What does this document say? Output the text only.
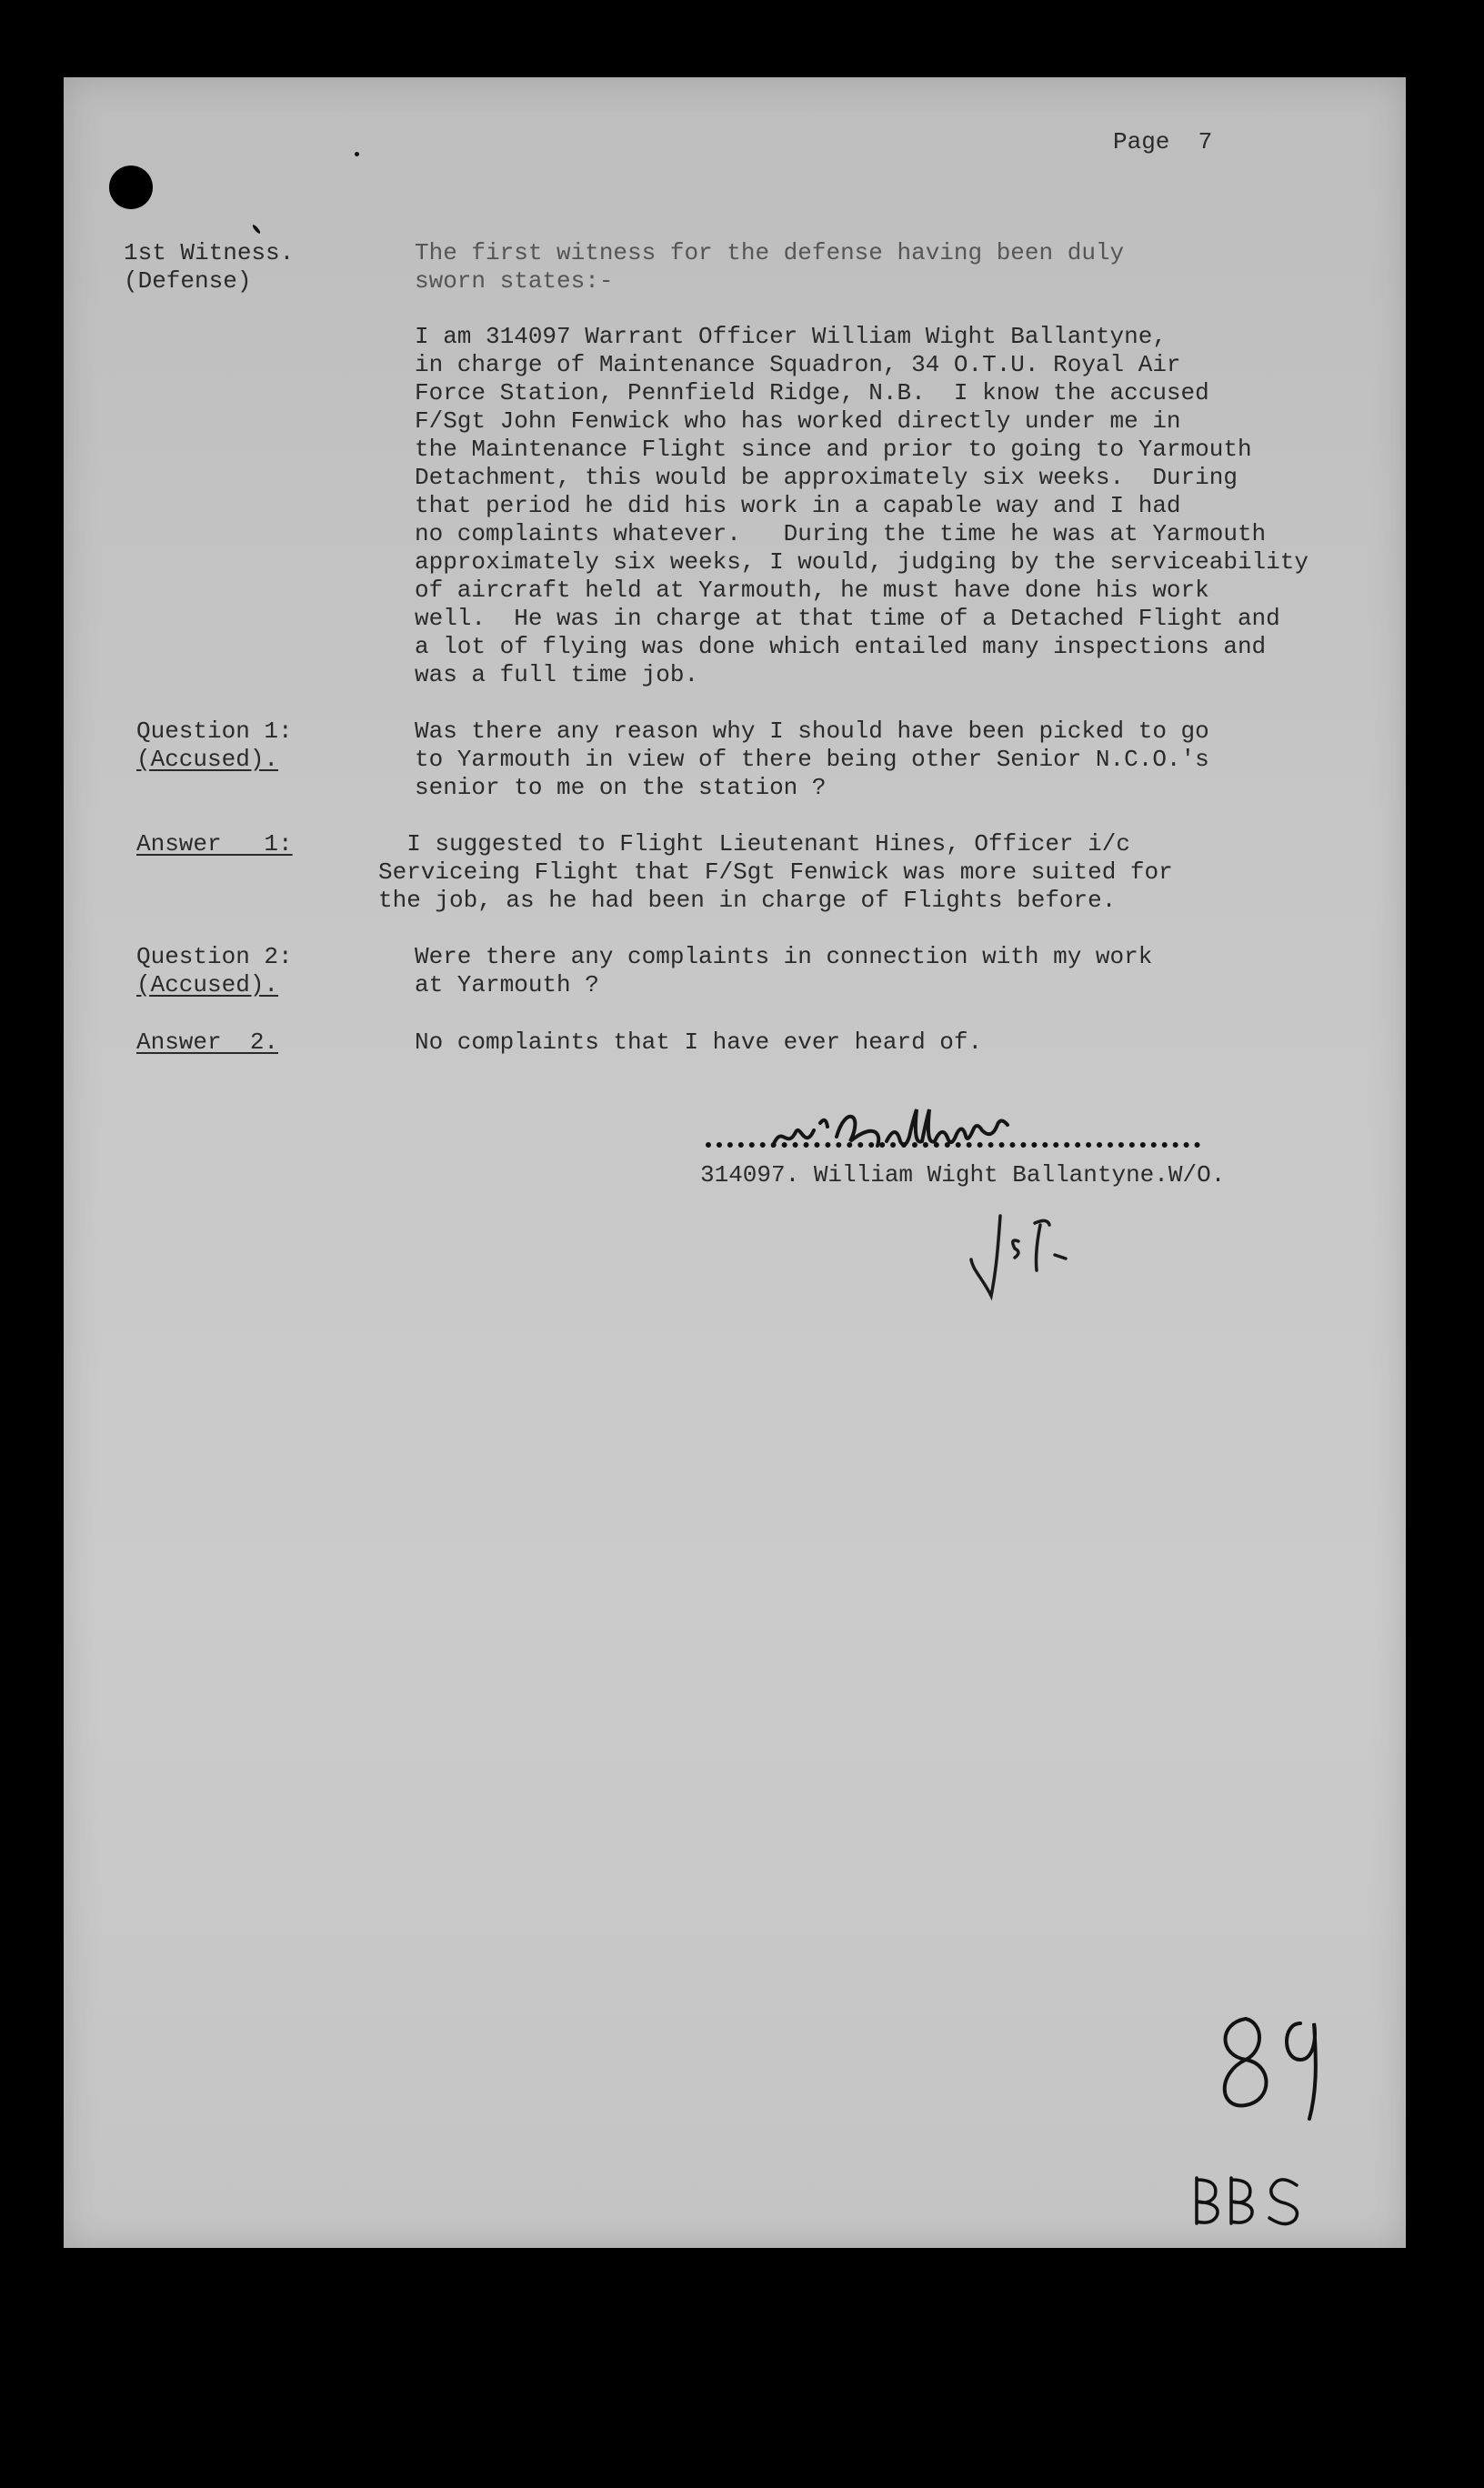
Page 7
1st Witness.
(Defense)
The first witness for the defense having been duly
sworn states:-
I am 314097 Warrant Officer William Wight Ballantyne,
in charge of Maintenance Squadron, 34 O.T.U. Royal Air
Force Station, Pennfield Ridge, N.B.  I know the accused
F/Sgt John Fenwick who has worked directly under me in
the Maintenance Flight since and prior to going to Yarmouth
Detachment, this would be approximately six weeks.  During
that period he did his work in a capable way and I had
no complaints whatever.   During the time he was at Yarmouth
approximately six weeks, I would, judging by the serviceability
of aircraft held at Yarmouth, he must have done his work
well.  He was in charge at that time of a Detached Flight and
a lot of flying was done which entailed many inspections and
was a full time job.
Question 1:
(Accused).
Was there any reason why I should have been picked to go
to Yarmouth in view of there being other Senior N.C.O.'s
senior to me on the station ?
Answer   1:	I suggested to Flight Lieutenant Hines, Officer i/c
Serviceing Flight that F/Sgt Fenwick was more suited for
the job, as he had been in charge of Flights before.
Question 2:
(Accused).
Were there any complaints in connection with my work
at Yarmouth ?
Answer  2.	No complaints that I have ever heard of.
314097. William Wight Ballantyne.W/O.
